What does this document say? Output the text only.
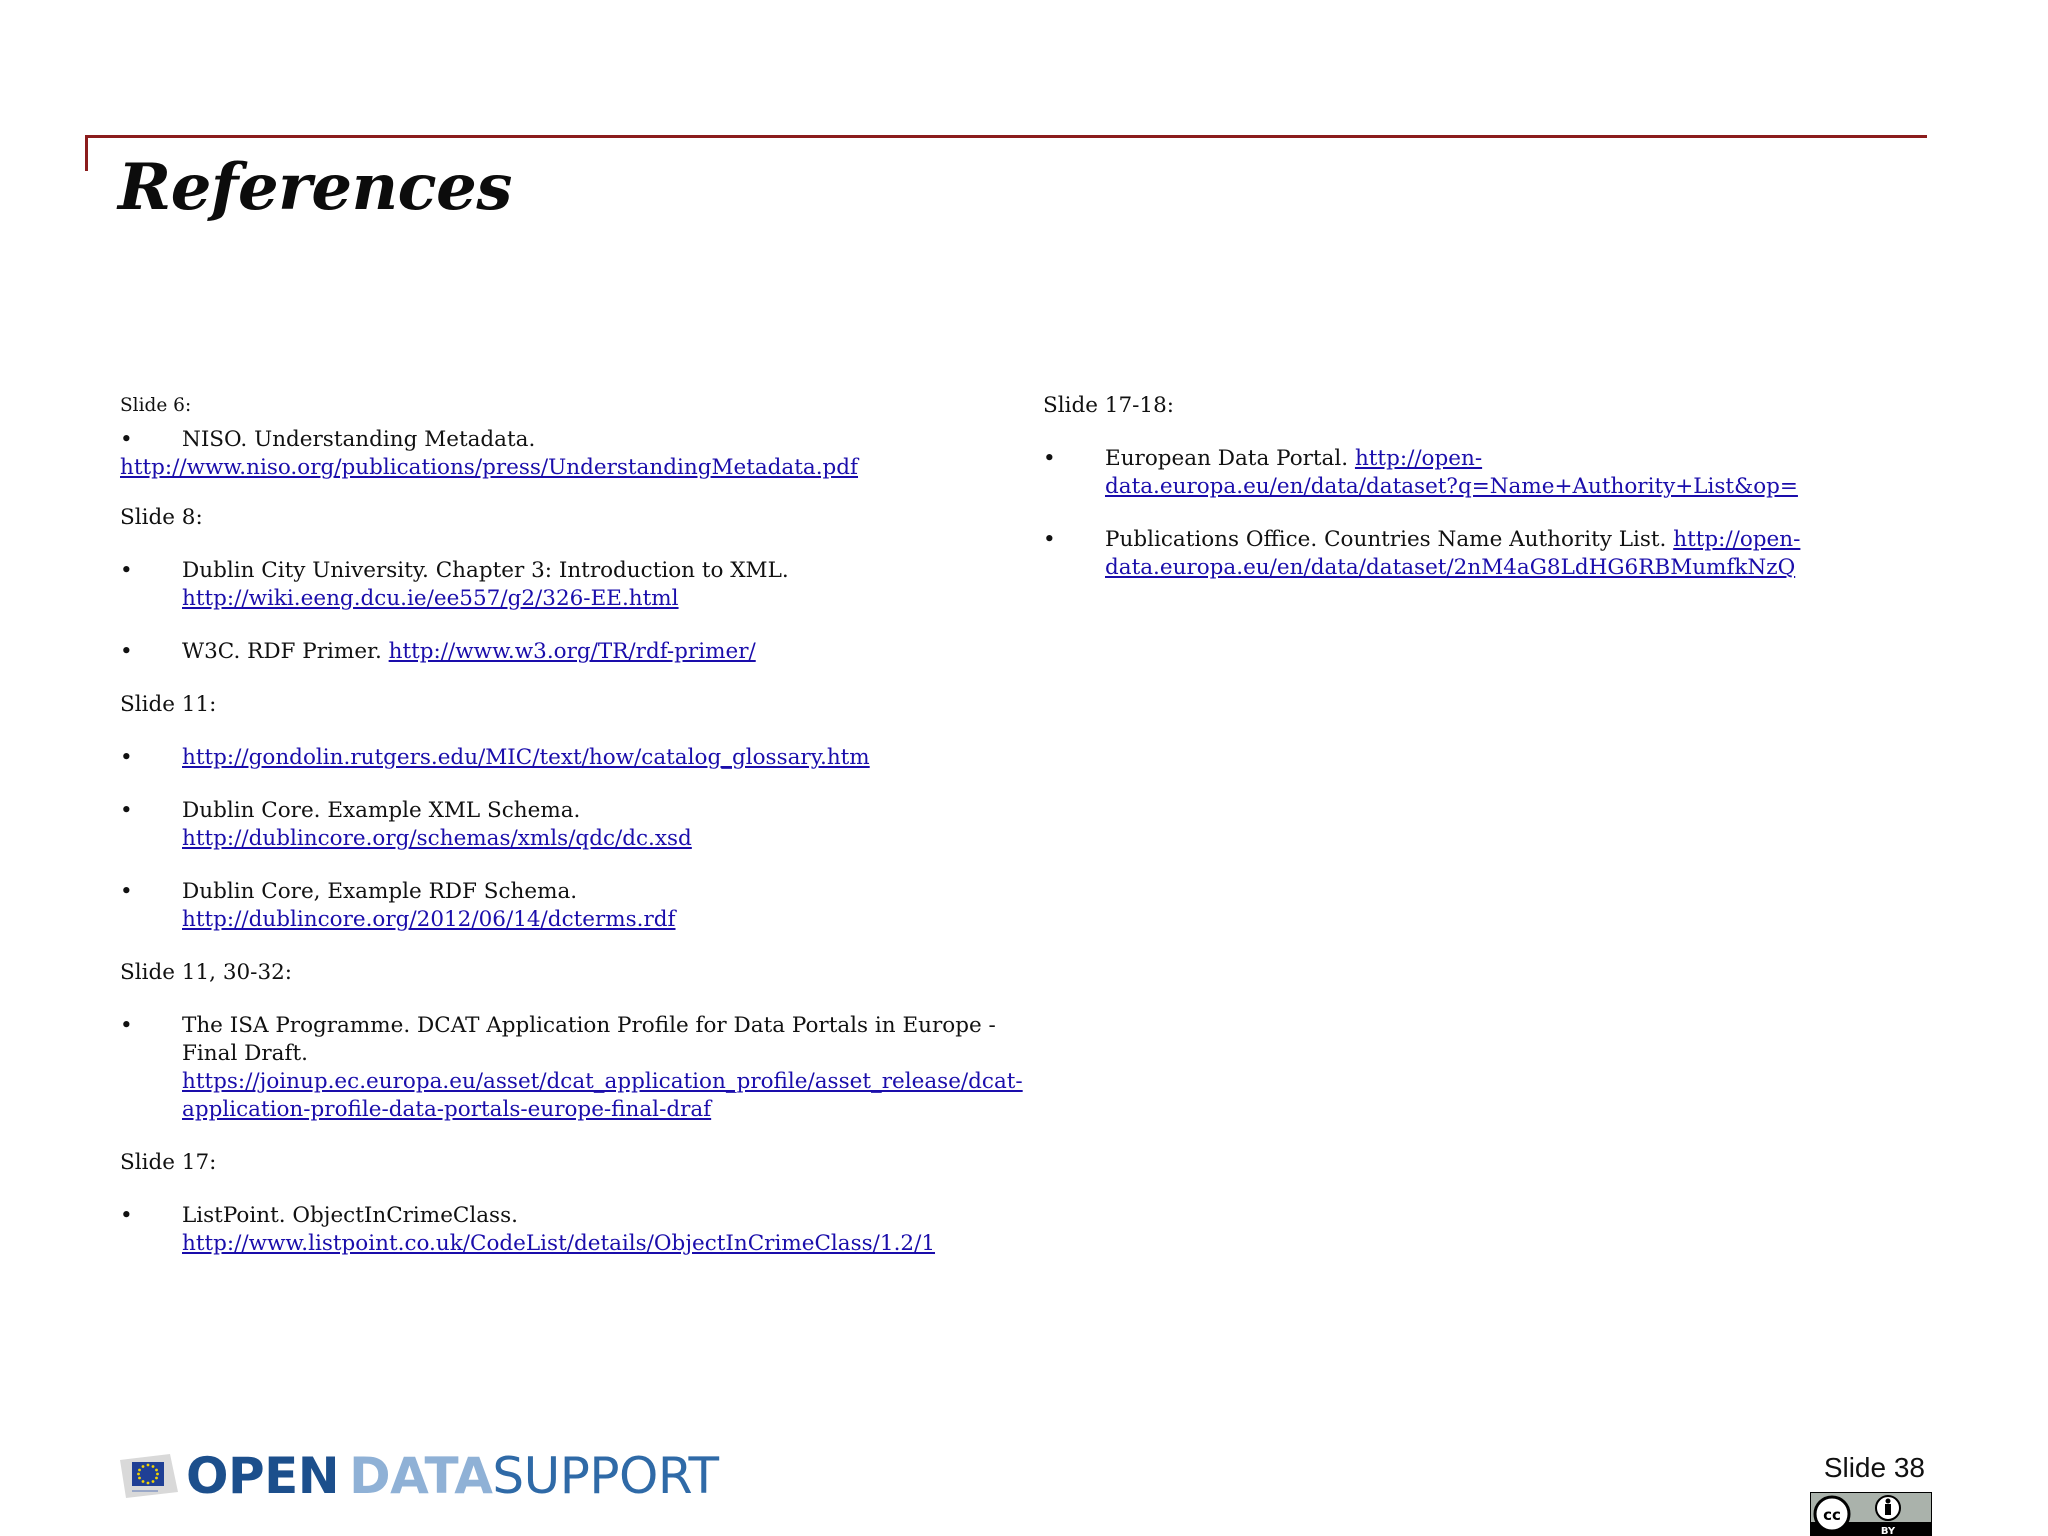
References
Slide 6:
• NISO. Understanding Metadata.
http://www.niso.org/publications/press/UnderstandingMetadata.pdf
Slide 8:
• Dublin City University. Chapter 3: Introduction to XML.
http://wiki.eeng.dcu.ie/ee557/g2/326-EE.html
• W3C. RDF Primer. http://www.w3.org/TR/rdf-primer/
Slide 11:
• http://gondolin.rutgers.edu/MIC/text/how/catalog_glossary.htm
• Dublin Core. Example XML Schema.
http://dublincore.org/schemas/xmls/qdc/dc.xsd
• Dublin Core, Example RDF Schema.
http://dublincore.org/2012/06/14/dcterms.rdf
Slide 11, 30-32:
• The ISA Programme. DCAT Application Profile for Data Portals in Europe - Final Draft.
https://joinup.ec.europa.eu/asset/dcat_application_profile/asset_release/dcat-
application-profile-data-portals-europe-final-draf
Slide 17:
• ListPoint. ObjectInCrimeClass.
http://www.listpoint.co.uk/CodeList/details/ObjectInCrimeClass/1.2/1
Slide 17-18:
• European Data Portal. http://open-
data.europa.eu/en/data/dataset?q=Name+Authority+List&op=
• Publications Office. Countries Name Authority List. http://open-
data.europa.eu/en/data/dataset/2nM4aG8LdHG6RBMumfkNzQ
OPEN DATASUPPORT	Slide 38
cc
BY
